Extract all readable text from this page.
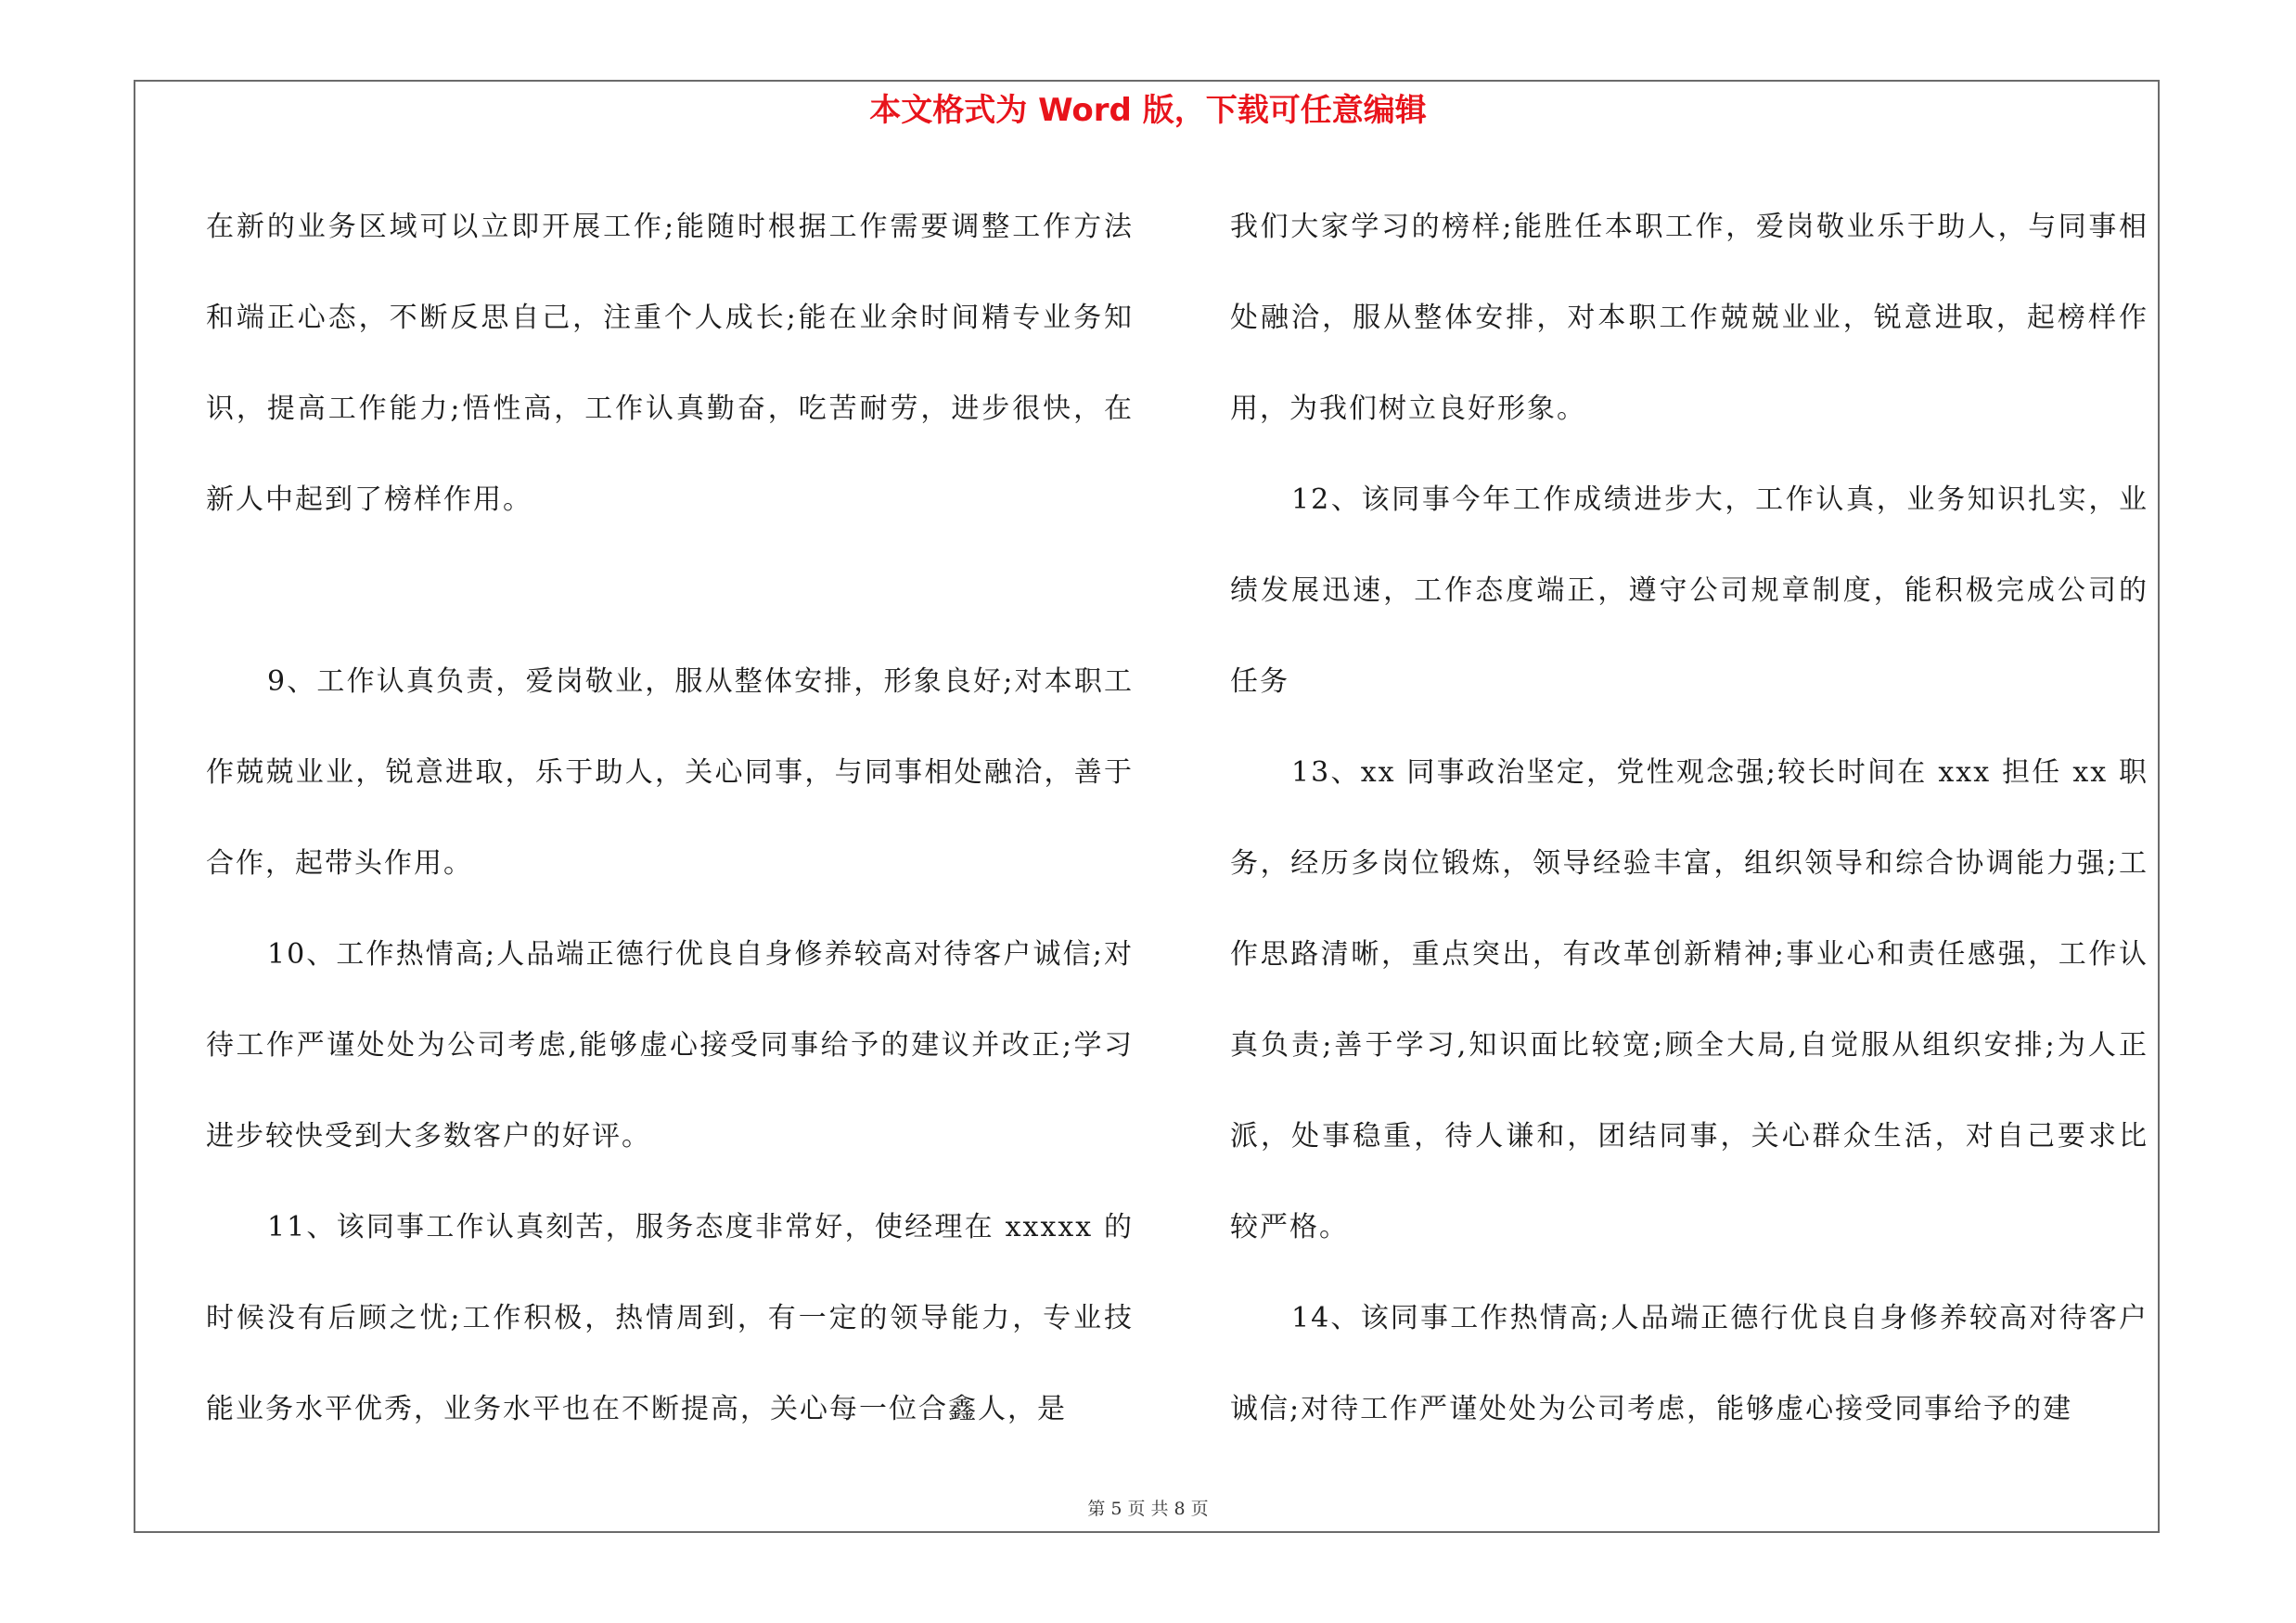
本文格式为 Word 版，下载可任意编辑

在新的业务区域可以立即开展工作;能随时根据工作需要调整工作方法和端正心态，不断反思自己，注重个人成长;能在业余时间精专业务知识，提高工作能力;悟性高，工作认真勤奋，吃苦耐劳，进步很快，在新人中起到了榜样作用。

9、工作认真负责，爱岗敬业，服从整体安排，形象良好;对本职工作兢兢业业，锐意进取，乐于助人，关心同事，与同事相处融洽，善于合作，起带头作用。

10、工作热情高;人品端正德行优良自身修养较高对待客户诚信;对待工作严谨处处为公司考虑,能够虚心接受同事给予的建议并改正;学习进步较快受到大多数客户的好评。

11、该同事工作认真刻苦，服务态度非常好，使经理在 xxxxx 的时候没有后顾之忧;工作积极，热情周到，有一定的领导能力，专业技能业务水平优秀，业务水平也在不断提高，关心每一位合鑫人，是

我们大家学习的榜样;能胜任本职工作，爱岗敬业乐于助人，与同事相处融洽，服从整体安排，对本职工作兢兢业业，锐意进取，起榜样作用，为我们树立良好形象。

12、该同事今年工作成绩进步大，工作认真，业务知识扎实，业绩发展迅速，工作态度端正，遵守公司规章制度，能积极完成公司的任务

13、xx 同事政治坚定，党性观念强;较长时间在 xxx 担任 xx 职务，经历多岗位锻炼，领导经验丰富，组织领导和综合协调能力强;工作思路清晰，重点突出，有改革创新精神;事业心和责任感强，工作认真负责;善于学习,知识面比较宽;顾全大局,自觉服从组织安排;为人正派，处事稳重，待人谦和，团结同事，关心群众生活，对自己要求比较严格。

14、该同事工作热情高;人品端正德行优良自身修养较高对待客户诚信;对待工作严谨处处为公司考虑，能够虚心接受同事给予的建

第 5 页 共 8 页
